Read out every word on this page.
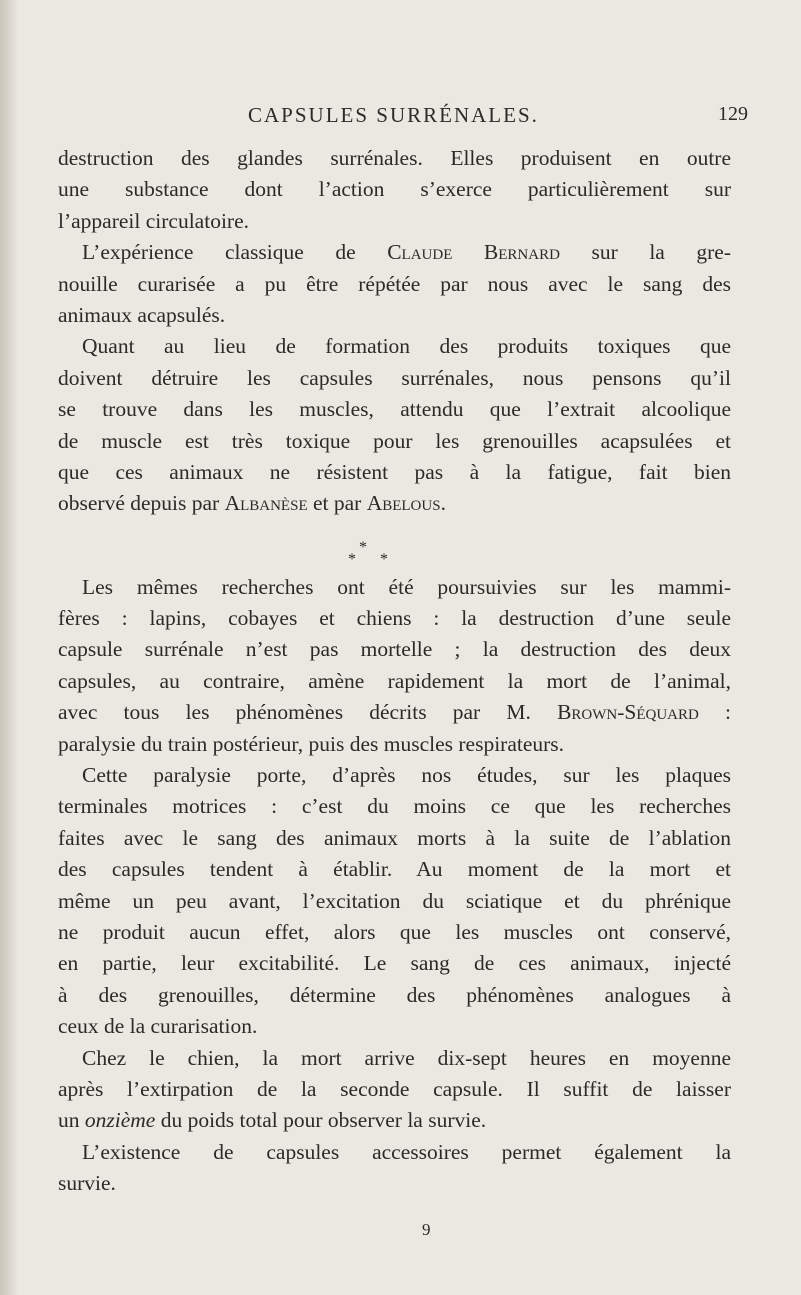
CAPSULES SURRÉNALES.	129
destruction des glandes surrénales. Elles produisent en outre
une substance dont l’action s’exerce particulièrement sur
l’appareil circulatoire.
L’expérience classique de Claude Bernard sur la gre-
nouille curarisée a pu être répétée par nous avec le sang des
animaux acapsulés.
Quant au lieu de formation des produits toxiques que
doivent détruire les capsules surrénales, nous pensons qu’il
se trouve dans les muscles, attendu que l’extrait alcoolique
de muscle est très toxique pour les grenouilles acapsulées et
que ces animaux ne résistent pas à la fatigue, fait bien
observé depuis par Albanèse et par Abelous.
*
* *
Les mêmes recherches ont été poursuivies sur les mammi-
fères : lapins, cobayes et chiens : la destruction d’une seule
capsule surrénale n’est pas mortelle ; la destruction des deux
capsules, au contraire, amène rapidement la mort de l’animal,
avec tous les phénomènes décrits par M. Brown-Séquard :
paralysie du train postérieur, puis des muscles respirateurs.
Cette paralysie porte, d’après nos études, sur les plaques
terminales motrices : c’est du moins ce que les recherches
faites avec le sang des animaux morts à la suite de l’ablation
des capsules tendent à établir. Au moment de la mort et
même un peu avant, l’excitation du sciatique et du phrénique
ne produit aucun effet, alors que les muscles ont conservé,
en partie, leur excitabilité. Le sang de ces animaux, injecté
à des grenouilles, détermine des phénomènes analogues à
ceux de la curarisation.
Chez le chien, la mort arrive dix-sept heures en moyenne
après l’extirpation de la seconde capsule. Il suffit de laisser
un onzième du poids total pour observer la survie.
L’existence de capsules accessoires permet également la
survie.
9
